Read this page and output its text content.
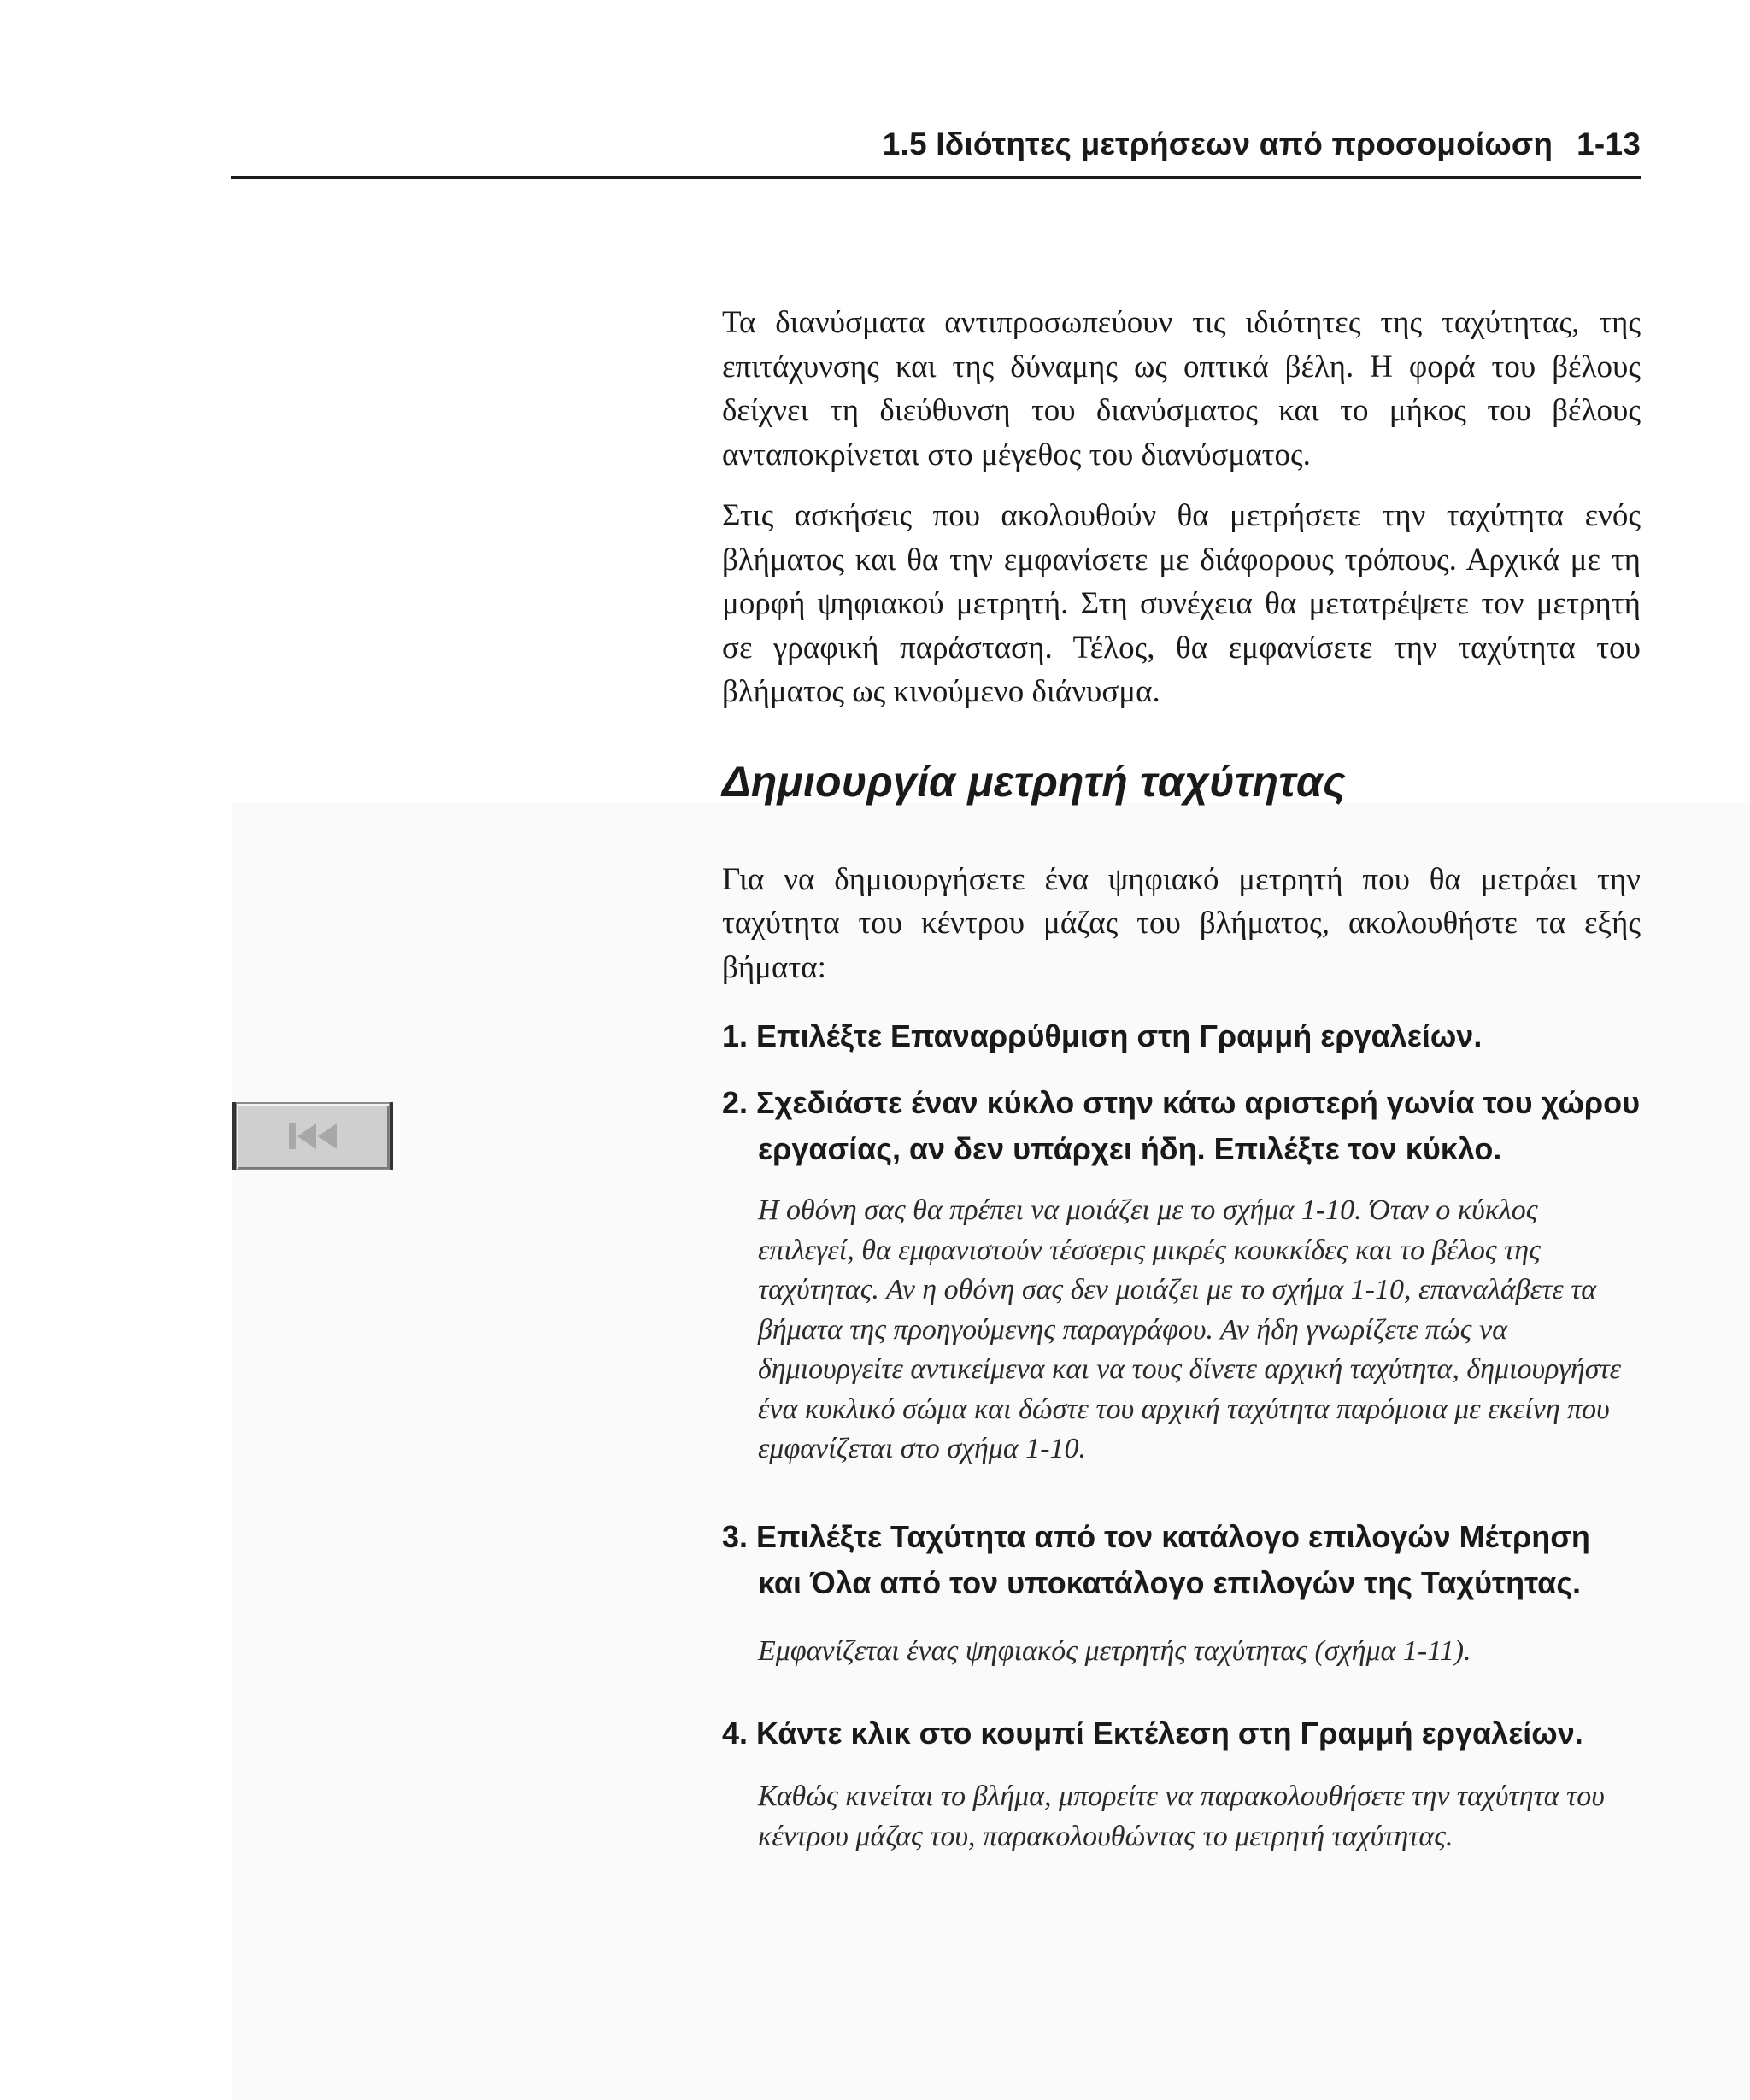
1.5 Ιδιότητες μετρήσεων από προσομοίωση 1-13

Τα διανύσματα αντιπροσωπεύουν τις ιδιότητες της ταχύτητας, της επιτάχυνσης και της δύναμης ως οπτικά βέλη. Η φορά του βέλους δείχνει τη διεύθυνση του διανύσματος και το μήκος του βέλους ανταποκρίνεται στο μέγεθος του διανύσματος.

Στις ασκήσεις που ακολουθούν θα μετρήσετε την ταχύτητα ενός βλήματος και θα την εμφανίσετε με διάφορους τρόπους. Αρχικά με τη μορφή ψηφιακού μετρητή. Στη συνέχεια θα μετατρέψετε τον μετρητή σε γραφική παράσταση. Τέλος, θα εμφανίσετε την ταχύτητα του βλήματος ως κινούμενο διάνυσμα.

Δημιουργία μετρητή ταχύτητας

Για να δημιουργήσετε ένα ψηφιακό μετρητή που θα μετράει την ταχύτητα του κέντρου μάζας του βλήματος, ακολουθήστε τα εξής βήματα:

1. Επιλέξτε Επαναρρύθμιση στη Γραμμή εργαλείων.

2. Σχεδιάστε έναν κύκλο στην κάτω αριστερή γωνία του χώρου εργασίας, αν δεν υπάρχει ήδη. Επιλέξτε τον κύκλο.

Η οθόνη σας θα πρέπει να μοιάζει με το σχήμα 1-10. Όταν ο κύκλος επιλεγεί, θα εμφανιστούν τέσσερις μικρές κουκκίδες και το βέλος της ταχύτητας. Αν η οθόνη σας δεν μοιάζει με το σχήμα 1-10, επαναλάβετε τα βήματα της προηγούμενης παραγράφου. Αν ήδη γνωρίζετε πώς να δημιουργείτε αντικείμενα και να τους δίνετε αρχική ταχύτητα, δημιουργήστε ένα κυκλικό σώμα και δώστε του αρχική ταχύτητα παρόμοια με εκείνη που εμφανίζεται στο σχήμα 1-10.

3. Επιλέξτε Ταχύτητα από τον κατάλογο επιλογών Μέτρηση και Όλα από τον υποκατάλογο επιλογών της Ταχύτητας.

Εμφανίζεται ένας ψηφιακός μετρητής ταχύτητας (σχήμα 1-11).

4. Κάντε κλικ στο κουμπί Εκτέλεση στη Γραμμή εργαλείων.

Καθώς κινείται το βλήμα, μπορείτε να παρακολουθήσετε την ταχύτητα του κέντρου μάζας του, παρακολουθώντας το μετρητή ταχύτητας.
